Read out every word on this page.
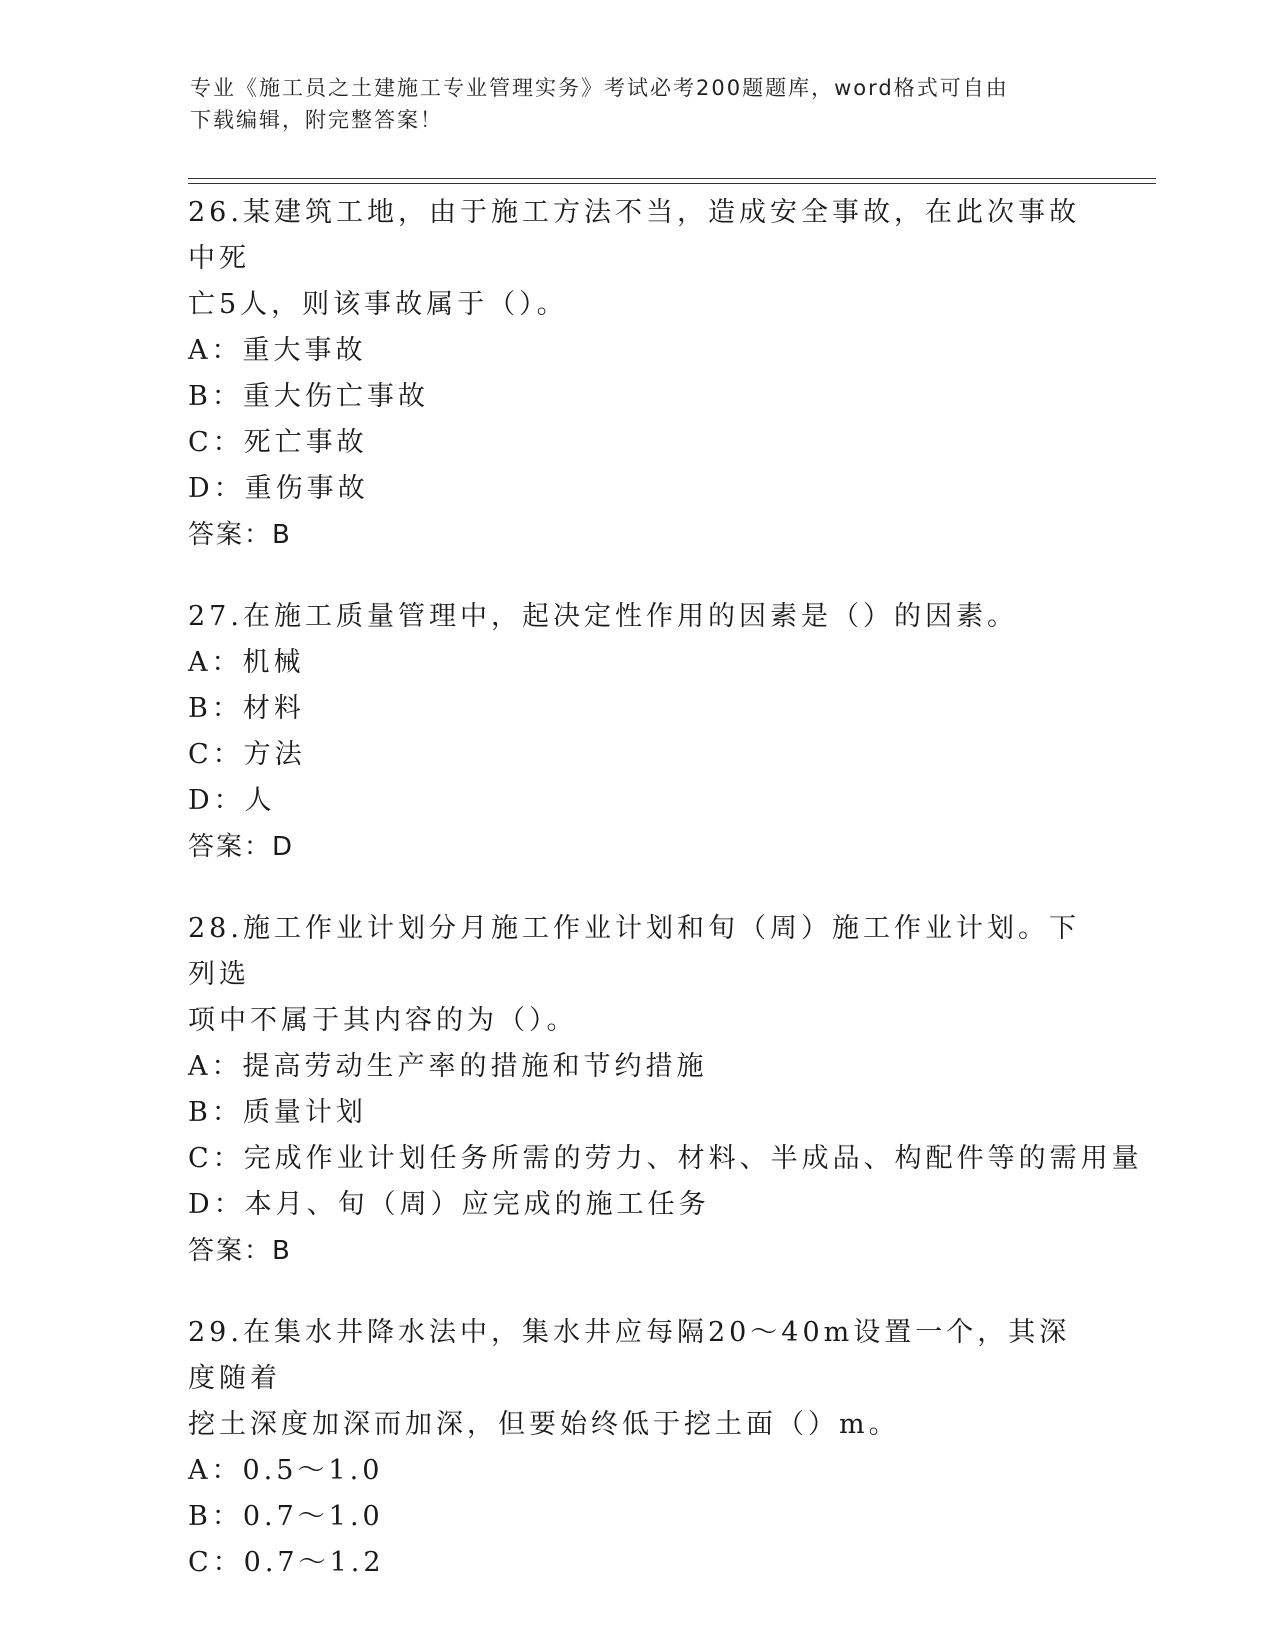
专业《施工员之土建施工专业管理实务》考试必考200题题库，word格式可自由
下载编辑，附完整答案！
26.某建筑工地，由于施工方法不当，造成安全事故，在此次事故中死
亡5人，则该事故属于（）。
A：重大事故
B：重大伤亡事故
C：死亡事故
D：重伤事故
答案：B
27.在施工质量管理中，起决定性作用的因素是（）的因素。
A：机械
B：材料
C：方法
D：人
答案：D
28.施工作业计划分月施工作业计划和旬（周）施工作业计划。下列选
项中不属于其内容的为（）。
A：提高劳动生产率的措施和节约措施
B：质量计划
C：完成作业计划任务所需的劳力、材料、半成品、构配件等的需用量
D：本月、旬（周）应完成的施工任务
答案：B
29.在集水井降水法中，集水井应每隔20～40m设置一个，其深度随着
挖土深度加深而加深，但要始终低于挖土面（）m。
A：0.5～1.0
B：0.7～1.0
C：0.7～1.2
